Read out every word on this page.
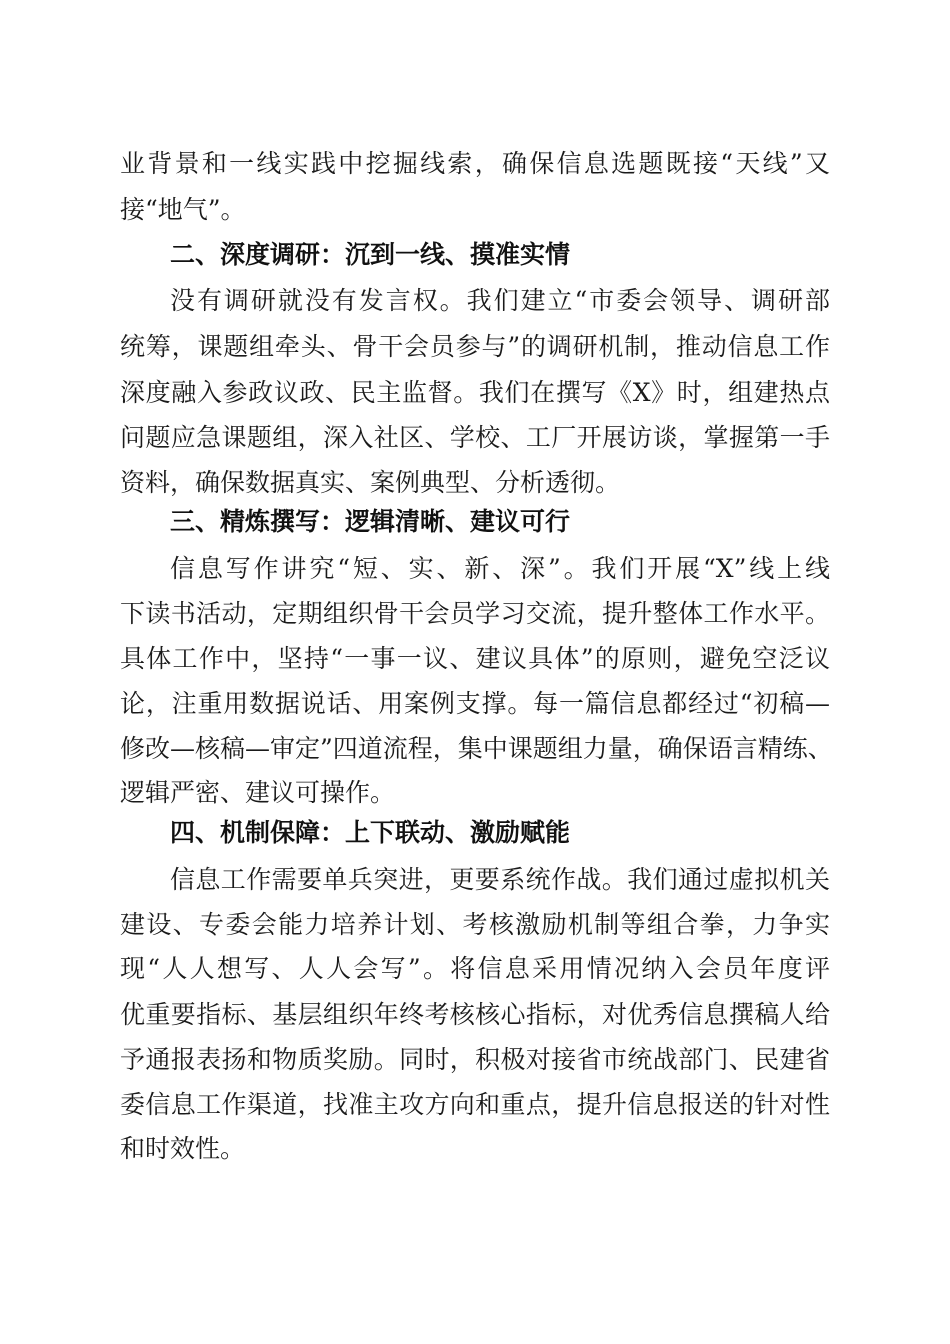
业背景和一线实践中挖掘线索，确保信息选题既接“天线”又
接“地气”。
二、深度调研：沉到一线、摸准实情
没有调研就没有发言权。我们建立“市委会领导、调研部
统筹，课题组牵头、骨干会员参与”的调研机制，推动信息工作
深度融入参政议政、民主监督。我们在撰写《X》时，组建热点
问题应急课题组，深入社区、学校、工厂开展访谈，掌握第一手
资料，确保数据真实、案例典型、分析透彻。
三、精炼撰写：逻辑清晰、建议可行
信息写作讲究“短、实、新、深”。我们开展“X”线上线
下读书活动，定期组织骨干会员学习交流，提升整体工作水平。
具体工作中，坚持“一事一议、建议具体”的原则，避免空泛议
论，注重用数据说话、用案例支撑。每一篇信息都经过“初稿—
修改—核稿—审定”四道流程，集中课题组力量，确保语言精练、
逻辑严密、建议可操作。
四、机制保障：上下联动、激励赋能
信息工作需要单兵突进，更要系统作战。我们通过虚拟机关
建设、专委会能力培养计划、考核激励机制等组合拳，力争实
现“人人想写、人人会写”。将信息采用情况纳入会员年度评
优重要指标、基层组织年终考核核心指标，对优秀信息撰稿人给
予通报表扬和物质奖励。同时，积极对接省市统战部门、民建省
委信息工作渠道，找准主攻方向和重点，提升信息报送的针对性
和时效性。
